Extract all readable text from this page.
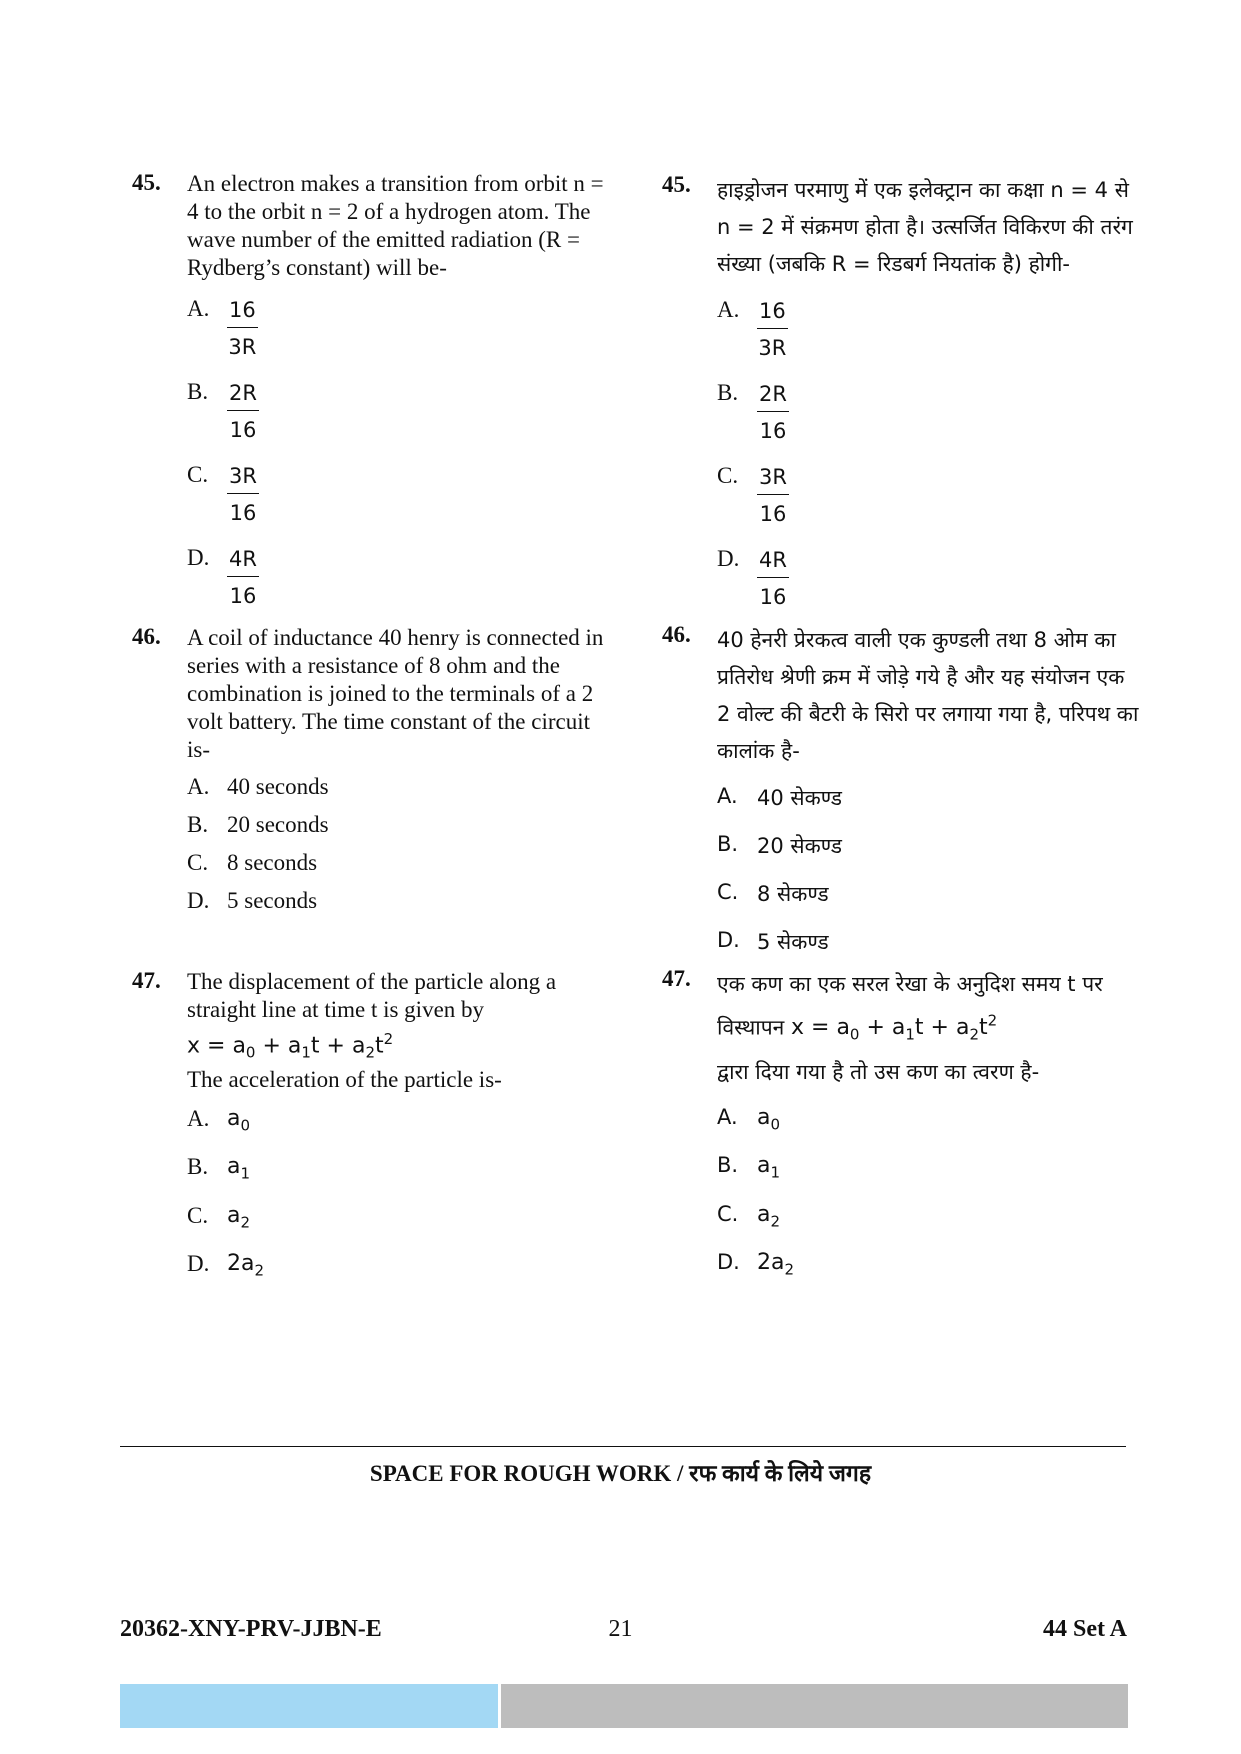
45. An electron makes a transition from orbit n = 4 to the orbit n = 2 of a hydrogen atom. The wave number of the emitted radiation (R = Rydberg’s constant) will be-
A. $\frac{16}{3R}$
B. $\frac{2R}{16}$
C. $\frac{3R}{16}$
D. $\frac{4R}{16}$
46. A coil of inductance 40 henry is connected in series with a resistance of 8 ohm and the combination is joined to the terminals of a 2 volt battery. The time constant of the circuit is-
A. 40 seconds
B. 20 seconds
C. 8 seconds
D. 5 seconds
47. The displacement of the particle along a straight line at time t is given by
$x = a_0 + a_1t + a_2t^2$
The acceleration of the particle is-
A. $a_0$
B. $a_1$
C. $a_2$
D. $2a_2$
45. हाइड्रोजन परमाणु में एक इलेक्ट्रान का कक्षा n = 4 से n = 2 में संक्रमण होता है। उत्सर्जित विकिरण की तरंग संख्या (जबकि R = रिडबर्ग नियतांक है) होगी-
A. $\frac{16}{3R}$
B. $\frac{2R}{16}$
C. $\frac{3R}{16}$
D. $\frac{4R}{16}$
46. 40 हेनरी प्रेरकत्व वाली एक कुण्डली तथा 8 ओम का प्रतिरोध श्रेणी क्रम में जोड़े गये है और यह संयोजन एक 2 वोल्ट की बैटरी के सिरो पर लगाया गया है, परिपथ का कालांक है-
A. 40 सेकण्ड
B. 20 सेकण्ड
C. 8 सेकण्ड
D. 5 सेकण्ड
47. एक कण का एक सरल रेखा के अनुदिश समय t पर
विस्थापन $x = a_0 + a_1t + a_2t^2$
द्वारा दिया गया है तो उस कण का त्वरण है-
A. $a_0$
B. $a_1$
C. $a_2$
D. $2a_2$
SPACE FOR ROUGH WORK / रफ कार्य के लिये जगह
20362-XNY-PRV-JJBN-E	21	44 Set A
